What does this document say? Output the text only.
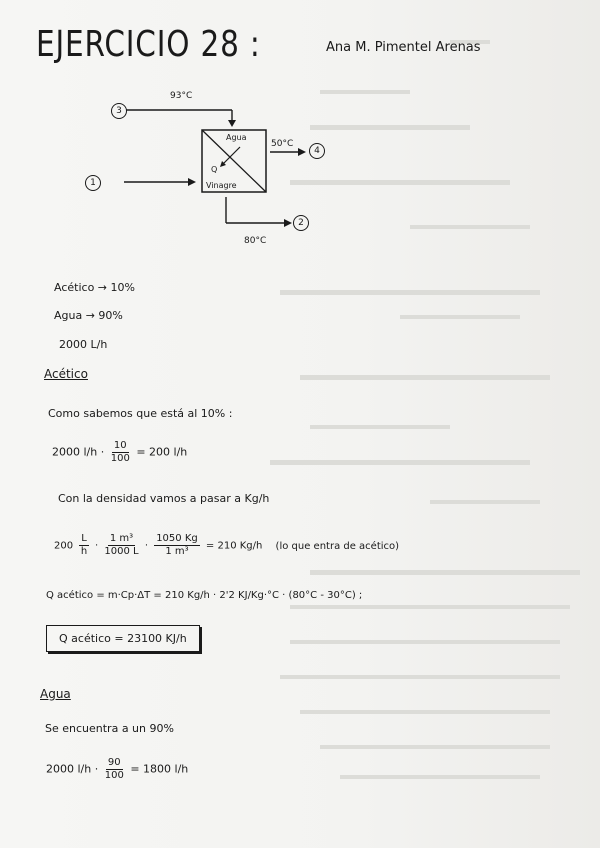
EJERCICIO 28 :	Ana M. Pimentel Arenas
93°C
50°C
80°C
Agua
Q
Vinagre
3
1
4
2
Acético → 10%
Agua → 90%
2000 L/h
Acético
Como sabemos que está al 10% :
2000 $l/h \cdot \frac{10}{100} = 200$ l/h
Con la densidad vamos a pasar a Kg/h
$200 \frac{L}{h} \cdot \frac{\text{1 m³}}{1000 L} \cdot \frac{1050 Kg}{\text{1 m³}} = 210$ Kg/h (lo que entra de acético)
Q acético = m·Cp·ΔT = 210 Kg/h · 2'2 KJ/Kg·°C · (80°C - 30°C) ;
Q acético = 23100 KJ/h
Agua
Se encuentra a un 90%
2000 $l/h \cdot \frac{90}{100} = 1800$ l/h
